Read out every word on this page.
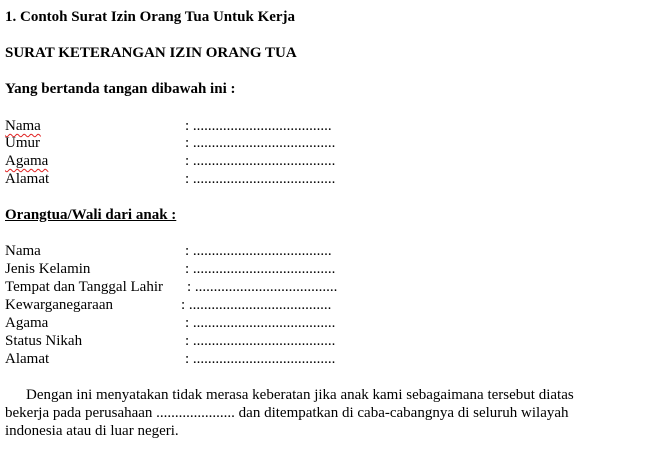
1. Contoh Surat Izin Orang Tua Untuk Kerja
SURAT KETERANGAN IZIN ORANG TUA
Yang bertanda tangan dibawah ini :
Nama	: .....................................
Umur	: ......................................
Agama	: ......................................
Alamat	: ......................................
Orangtua/Wali dari anak :
Nama	: .....................................
Jenis Kelamin	: ......................................
Tempat dan Tanggal Lahir : ......................................
Kewarganegaraan	: ......................................
Agama	: ......................................
Status Nikah	: ......................................
Alamat	: ......................................

Dengan ini menyatakan tidak merasa keberatan jika anak kami sebagaimana tersebut diatas bekerja pada perusahaan ..................... dan ditempatkan di caba-cabangnya di seluruh wilayah indonesia atau di luar negeri.
